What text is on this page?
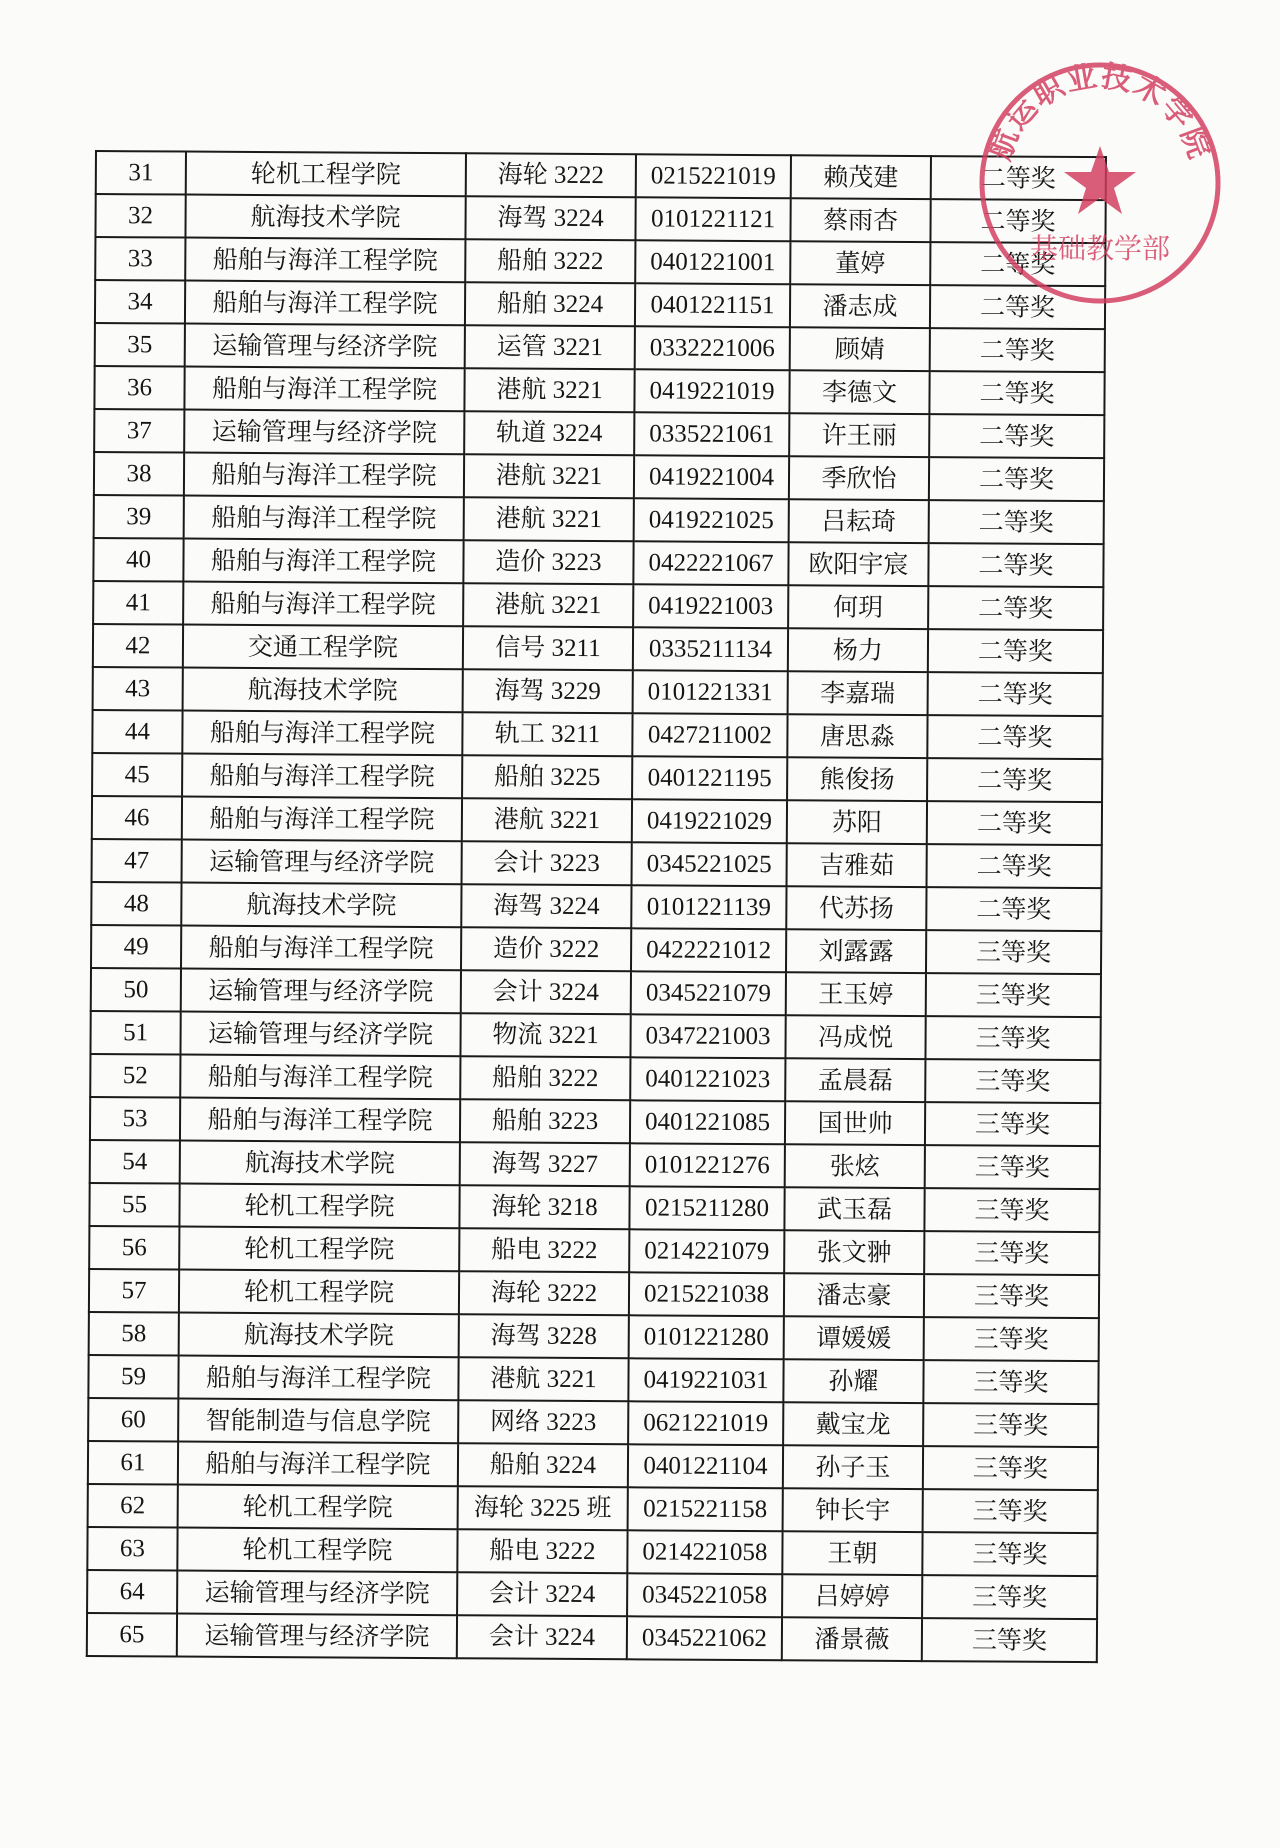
31	轮机工程学院	海轮 3222	0215221019	赖茂建	二等奖
32	航海技术学院	海驾 3224	0101221121	蔡雨杏	二等奖
33	船舶与海洋工程学院	船舶 3222	0401221001	董婷	二等奖
34	船舶与海洋工程学院	船舶 3224	0401221151	潘志成	二等奖
35	运输管理与经济学院	运管 3221	0332221006	顾婧	二等奖
36	船舶与海洋工程学院	港航 3221	0419221019	李德文	二等奖
37	运输管理与经济学院	轨道 3224	0335221061	许王丽	二等奖
38	船舶与海洋工程学院	港航 3221	0419221004	季欣怡	二等奖
39	船舶与海洋工程学院	港航 3221	0419221025	吕耘琦	二等奖
40	船舶与海洋工程学院	造价 3223	0422221067	欧阳宇宸	二等奖
41	船舶与海洋工程学院	港航 3221	0419221003	何玥	二等奖
42	交通工程学院	信号 3211	0335211134	杨力	二等奖
43	航海技术学院	海驾 3229	0101221331	李嘉瑞	二等奖
44	船舶与海洋工程学院	轨工 3211	0427211002	唐思淼	二等奖
45	船舶与海洋工程学院	船舶 3225	0401221195	熊俊扬	二等奖
46	船舶与海洋工程学院	港航 3221	0419221029	苏阳	二等奖
47	运输管理与经济学院	会计 3223	0345221025	吉雅茹	二等奖
48	航海技术学院	海驾 3224	0101221139	代苏扬	二等奖
49	船舶与海洋工程学院	造价 3222	0422221012	刘露露	三等奖
50	运输管理与经济学院	会计 3224	0345221079	王玉婷	三等奖
51	运输管理与经济学院	物流 3221	0347221003	冯成悦	三等奖
52	船舶与海洋工程学院	船舶 3222	0401221023	孟晨磊	三等奖
53	船舶与海洋工程学院	船舶 3223	0401221085	国世帅	三等奖
54	航海技术学院	海驾 3227	0101221276	张炫	三等奖
55	轮机工程学院	海轮 3218	0215211280	武玉磊	三等奖
56	轮机工程学院	船电 3222	0214221079	张文翀	三等奖
57	轮机工程学院	海轮 3222	0215221038	潘志豪	三等奖
58	航海技术学院	海驾 3228	0101221280	谭媛媛	三等奖
59	船舶与海洋工程学院	港航 3221	0419221031	孙耀	三等奖
60	智能制造与信息学院	网络 3223	0621221019	戴宝龙	三等奖
61	船舶与海洋工程学院	船舶 3224	0401221104	孙子玉	三等奖
62	轮机工程学院	海轮 3225 班	0215221158	钟长宇	三等奖
63	轮机工程学院	船电 3222	0214221058	王朝	三等奖
64	运输管理与经济学院	会计 3224	0345221058	吕婷婷	三等奖
65	运输管理与经济学院	会计 3224	0345221062	潘景薇	三等奖
航运职业技术学院
基础教学部
